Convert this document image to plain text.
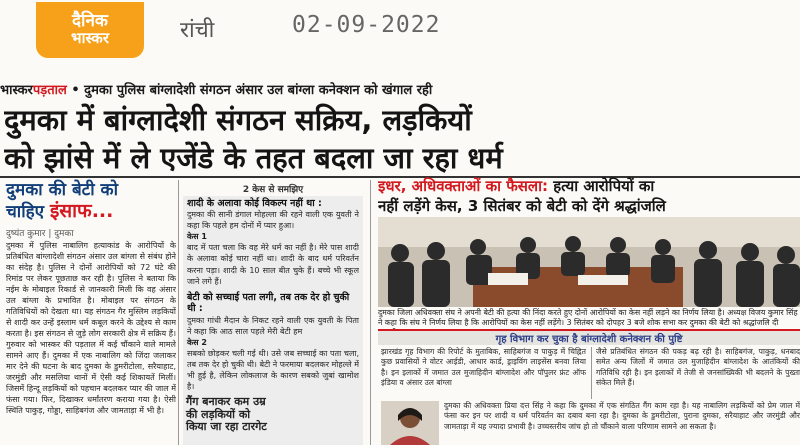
दैनिक
भास्कर	रांची	02-09-2022
भास्करपड़ताल • दुमका पुलिस बांग्लादेशी संगठन अंसार उल बांग्ला कनेक्शन को खंगाल रही
दुमका में बांग्लादेशी संगठन सक्रिय, लड़कियों
को झांसे में ले एजेंडे के तहत बदला जा रहा धर्म
दुमका की बेटी को
चाहिए इंसाफ...
दुष्यंत कुमार | दुमका
दुमका में पुलिस नाबालिग हत्याकांड के आरोपियों के प्रतिबंधित बांग्लादेशी संगठन अंसार उल बांग्ला से संबंध होने का संदेह है। पुलिस ने दोनों आरोपियों को 72 घंटे की रिमांड पर लेकर पूछताछ कर रही है। पुलिस ने बताया कि नईम के मोबाइल रिकार्ड से जानकारी मिली कि वह अंसार उल बांग्ला के प्रभावित है। मोबाइल पर संगठन के गतिविधियों को देखता था। यह संगठन गैर मुस्लिम लड़कियों से शादी कर उन्हें इस्लाम धर्म कबूल करने के उद्देश्य से काम करता है। इस संगठन से जुड़े लोग सरकारी क्षेत्र में सक्रिय हैं। गुरुवार को भास्कर की पड़ताल में कई चौंकाने वाले मामले सामने आए हैं। दुमका में एक नाबालिग को जिंदा जलाकर मार देने की घटना के बाद दुमका के डुमरीटोला, सरैयाहाट, जरमुंडी और मसलिया थानों में ऐसी कई शिकायतें मिलीं। जिसमें हिन्दू लड़कियों को पहचान बदलकर प्यार की जाल में फंसा गया। फिर, दिखाकर धर्मांतरण कराया गया है। ऐसी स्थिति पाकुड़, गोड्डा, साहिबगंज और जामताड़ा में भी है।
2 केस से समझिए
शादी के अलावा कोई विकल्प नहीं था :
दुमका की सानी डंगाल मोहल्ला की रहने वाली एक युवती ने कहा कि पहले हम दोनों में प्यार हुआ।
केस 1
बाद में पता चला कि वह मेरे धर्म का नहीं है। मेरे पास शादी के अलावा कोई चारा नहीं था। शादी के बाद धर्म परिवर्तन करना पड़ा। शादी के 10 साल बीत चुके हैं। बच्चे भी स्कूल जाने लगे हैं।
बेटी को सच्चाई पता लगी, तब तक देर हो चुकी थी :
दुमका गांधी मैदान के निकट रहने वाली एक युवती के पिता ने कहा कि आठ साल पहले मेरी बेटी हम
केस 2
सबको छोड़कर चली गई थी। उसे जब सच्चाई का पता चला, तब तक देर हो चुकी थी। बेटी ने फरमाया बदलकर मोहल्ले में भी हुई है, लेकिन लोकलाज के कारण सबको जुबां खामोश है।
गैंग बनाकर कम उम्र
की लड़कियों को
किया जा रहा टारगेट
इधर, अधिवक्ताओं का फैसला: हत्या आरोपियों का
नहीं लड़ेंगे केस, 3 सितंबर को बेटी को देंगे श्रद्धांजलि
दुमका जिला अधिवक्ता संघ ने अपनी बेटी की हत्या की निंदा करते हुए दोनों आरोपियों का केस नहीं लड़ने का निर्णय लिया है। अध्यक्ष विजय कुमार सिंह ने कहा कि संघ ने निर्णय लिया है कि आरोपियों का केस नहीं लड़ेंगे। 3 सितंबर को दोपहर 3 बजे शोक सभा कर दुमका की बेटी को श्रद्धांजलि दी
गृह विभाग कर चुका है बांग्लादेशी कनेक्शन की पुष्टि
झारखंड गृह विभाग की रिपोर्ट के मुताबिक, साहिबगंज व पाकुड़ में चिह्नित कुछ प्रवासियों ने वोटर आईडी, आधार कार्ड, ड्राइविंग लाइसेंस बनवा लिया है। इन इलाकों में जमात उल मुजाहिदीन बांग्लादेश और पॉपुलर फ्रंट ऑफ इंडिया व अंसार उल बांग्ला
जैसे प्रतिबंधित संगठन की पकड़ बढ़ रही है। साहिबगंज, पाकुड़, धनबाद समेत अन्य जिलों में जमात उल मुजाहिदीन बांग्लादेश के आतंकियों की गतिविधि रही है। इन इलाकों में तेजी से जनसांख्यिकी भी बदलने के पुख्ता संकेत मिले हैं।
दुमका की अधिवक्ता प्रिया दत्त सिंह ने कहा कि दुमका में एक संगठित गैंग काम रहा है। यह नाबालिग लड़कियों को प्रेम जाल में फंसा कर इन पर शादी व धर्म परिवर्तन का दबाव बना रहा है। दुमका के डुमरीटोला, पुराना दुमका, सरैयाहाट और जरमुंडी और जामताड़ा में यह ज्यादा प्रभावी है। उच्चस्तरीय जांच हो तो चौंकाने वाला परिणाम सामने आ सकता है।
